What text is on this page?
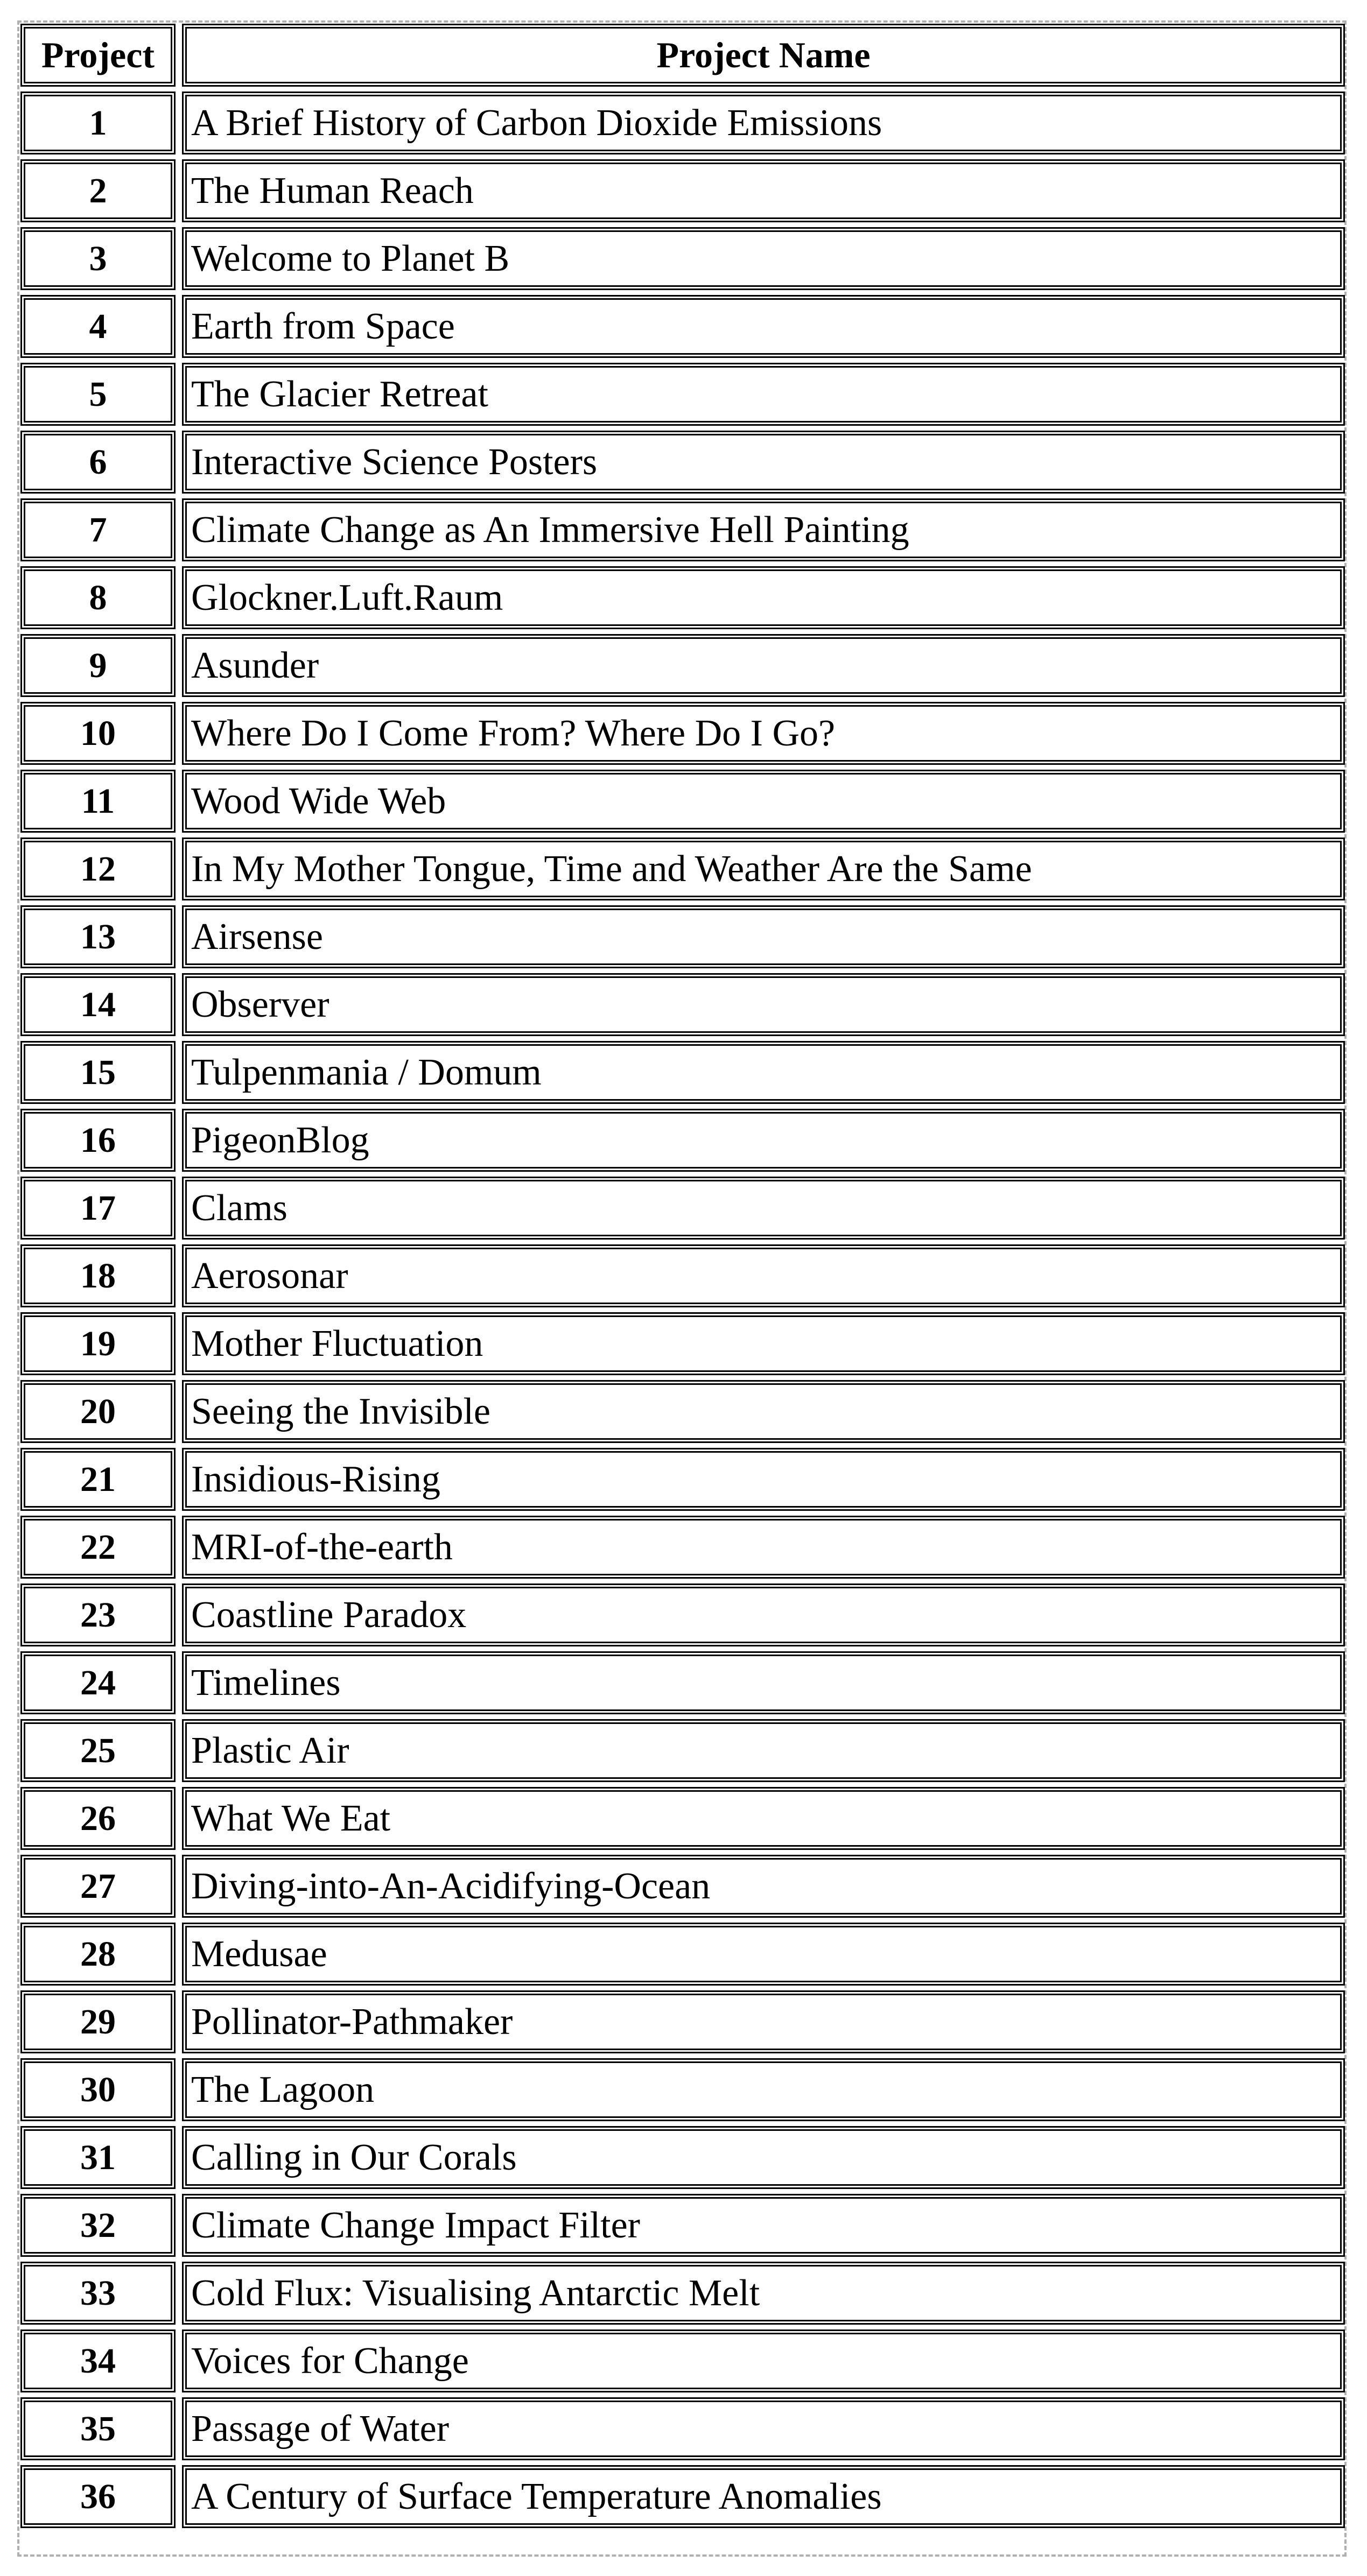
Project	Project Name

1	A Brief History of Carbon Dioxide Emissions

2	The Human Reach

3	Welcome to Planet B

4	Earth from Space

5	The Glacier Retreat

6	Interactive Science Posters

7	Climate Change as An Immersive Hell Painting

8	Glockner.Luft.Raum

9	Asunder

10	Where Do I Come From? Where Do I Go?

11	Wood Wide Web

12	In My Mother Tongue, Time and Weather Are the Same

13	Airsense

14	Observer

15	Tulpenmania / Domum

16	PigeonBlog

17	Clams

18	Aerosonar

19	Mother Fluctuation

20	Seeing the Invisible

21	Insidious-Rising

22	MRI-of-the-earth

23	Coastline Paradox

24	Timelines

25	Plastic Air

26	What We Eat

27	Diving-into-An-Acidifying-Ocean

28	Medusae

29	Pollinator-Pathmaker

30	The Lagoon

31	Calling in Our Corals

32	Climate Change Impact Filter

33	Cold Flux: Visualising Antarctic Melt

34	Voices for Change

35	Passage of Water

36	A Century of Surface Temperature Anomalies
